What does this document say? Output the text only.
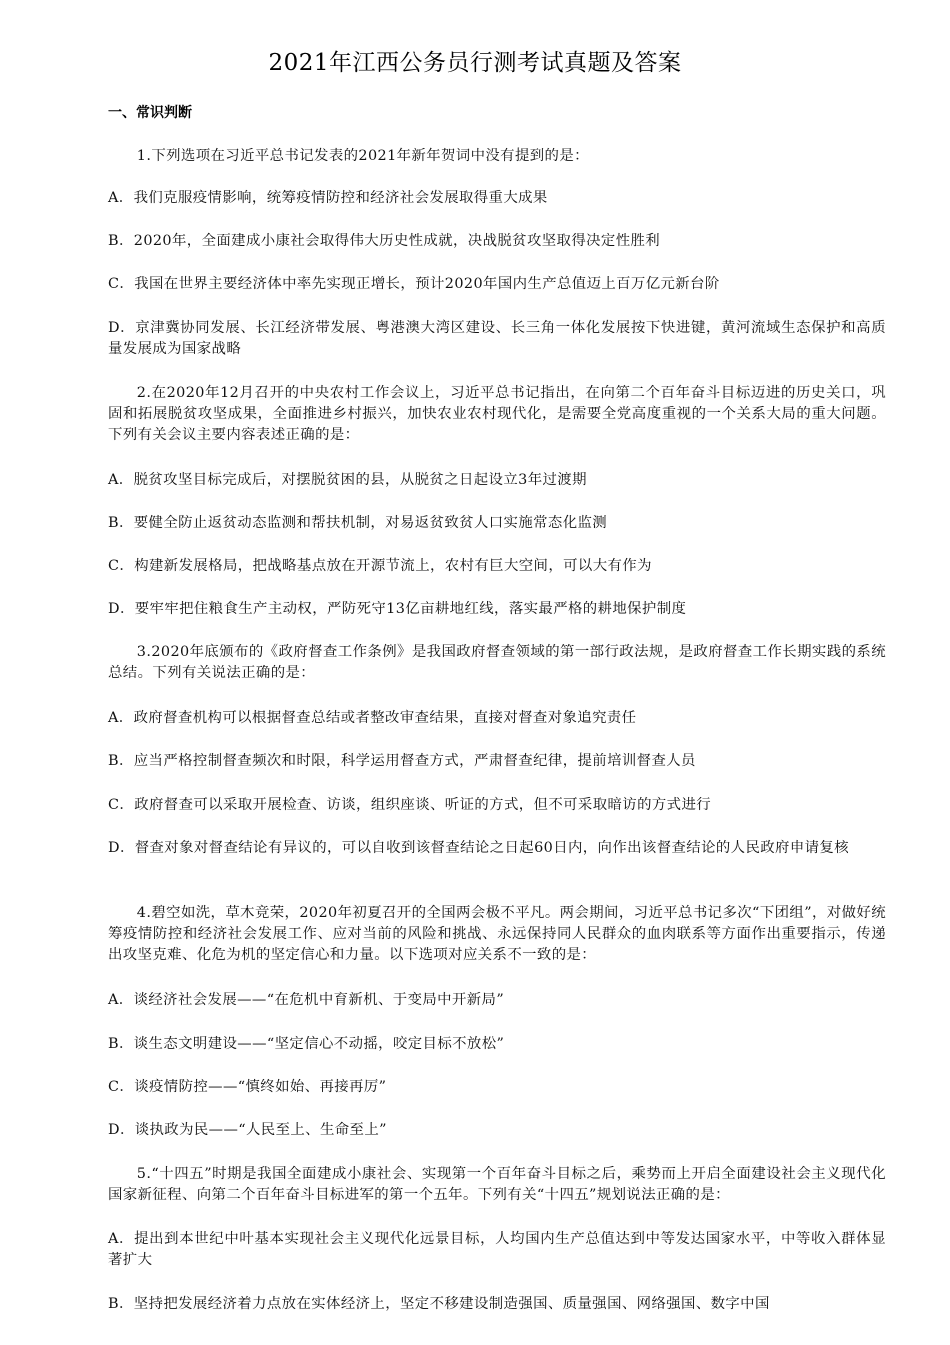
2021年江西公务员行测考试真题及答案
一、常识判断
1.下列选项在习近平总书记发表的2021年新年贺词中没有提到的是：
A．我们克服疫情影响，统筹疫情防控和经济社会发展取得重大成果
B．2020年，全面建成小康社会取得伟大历史性成就，决战脱贫攻坚取得决定性胜利
C．我国在世界主要经济体中率先实现正增长，预计2020年国内生产总值迈上百万亿元新台阶
D．京津冀协同发展、长江经济带发展、粤港澳大湾区建设、长三角一体化发展按下快进键，黄河流域生态保护和高质量发展成为国家战略
2.在2020年12月召开的中央农村工作会议上，习近平总书记指出，在向第二个百年奋斗目标迈进的历史关口，巩固和拓展脱贫攻坚成果，全面推进乡村振兴，加快农业农村现代化，是需要全党高度重视的一个关系大局的重大问题。下列有关会议主要内容表述正确的是：
A．脱贫攻坚目标完成后，对摆脱贫困的县，从脱贫之日起设立3年过渡期
B．要健全防止返贫动态监测和帮扶机制，对易返贫致贫人口实施常态化监测
C．构建新发展格局，把战略基点放在开源节流上，农村有巨大空间，可以大有作为
D．要牢牢把住粮食生产主动权，严防死守13亿亩耕地红线，落实最严格的耕地保护制度
3.2020年底颁布的《政府督查工作条例》是我国政府督查领域的第一部行政法规，是政府督查工作长期实践的系统总结。下列有关说法正确的是：
A．政府督查机构可以根据督查总结或者整改审查结果，直接对督查对象追究责任
B．应当严格控制督查频次和时限，科学运用督查方式，严肃督查纪律，提前培训督查人员
C．政府督查可以采取开展检查、访谈，组织座谈、听证的方式，但不可采取暗访的方式进行
D．督查对象对督查结论有异议的，可以自收到该督查结论之日起60日内，向作出该督查结论的人民政府申请复核
4.碧空如洗，草木竞荣，2020年初夏召开的全国两会极不平凡。两会期间，习近平总书记多次“下团组”，对做好统筹疫情防控和经济社会发展工作、应对当前的风险和挑战、永远保持同人民群众的血肉联系等方面作出重要指示，传递出攻坚克难、化危为机的坚定信心和力量。以下选项对应关系不一致的是：
A．谈经济社会发展——“在危机中育新机、于变局中开新局”
B．谈生态文明建设——“坚定信心不动摇，咬定目标不放松”
C．谈疫情防控——“慎终如始、再接再厉”
D．谈执政为民——“人民至上、生命至上”
5.“十四五”时期是我国全面建成小康社会、实现第一个百年奋斗目标之后，乘势而上开启全面建设社会主义现代化国家新征程、向第二个百年奋斗目标进军的第一个五年。下列有关“十四五”规划说法正确的是：
A．提出到本世纪中叶基本实现社会主义现代化远景目标，人均国内生产总值达到中等发达国家水平，中等收入群体显著扩大
B．坚持把发展经济着力点放在实体经济上，坚定不移建设制造强国、质量强国、网络强国、数字中国
